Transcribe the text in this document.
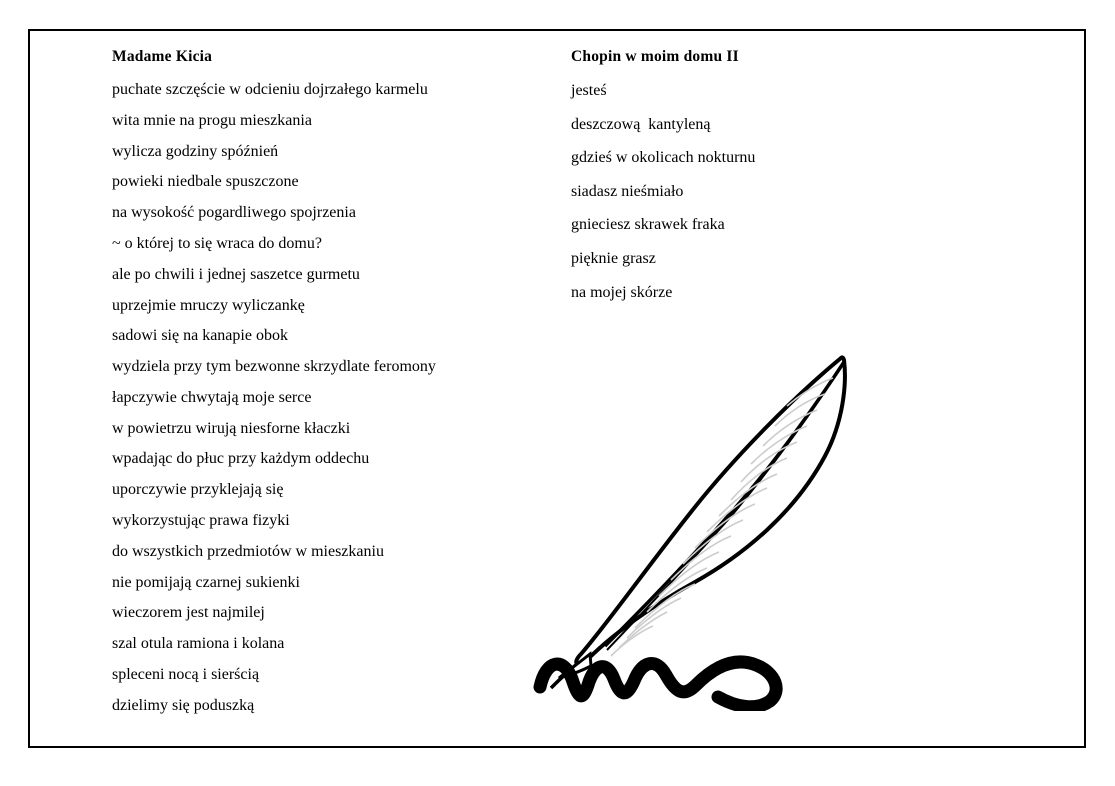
Madame Kicia
puchate szczęście w odcieniu dojrzałego karmelu
wita mnie na progu mieszkania
wylicza godziny spóźnień
powieki niedbale spuszczone
na wysokość pogardliwego spojrzenia
~ o której to się wraca do domu?
ale po chwili i jednej saszetce gurmetu
uprzejmie mruczy wyliczankę
sadowi się na kanapie obok
wydziela przy tym bezwonne skrzydlate feromony
łapczywie chwytają moje serce
w powietrzu wirują niesforne kłaczki
wpadając do płuc przy każdym oddechu
uporczywie przyklejają się
wykorzystując prawa fizyki
do wszystkich przedmiotów w mieszkaniu
nie pomijają czarnej sukienki
wieczorem jest najmilej
szal otula ramiona i kolana
spleceni nocą i sierścią
dzielimy się poduszką
Chopin w moim domu II
jesteś
deszczową  kantyleną
gdzieś w okolicach nokturnu
siadasz nieśmiało
gnieciesz skrawek fraka
pięknie grasz
na mojej skórze
